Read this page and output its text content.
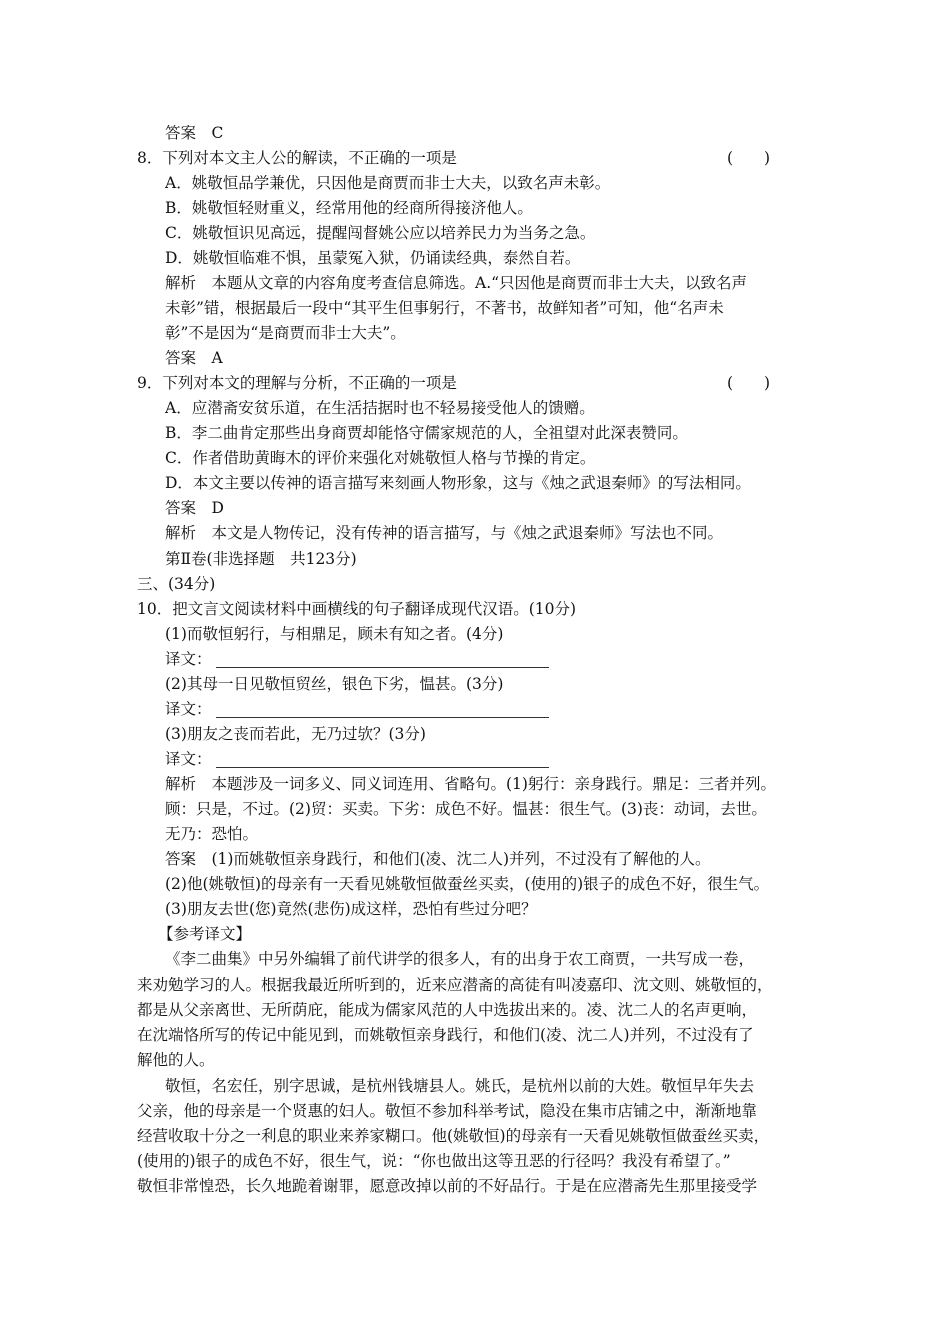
答案　C
8．下列对本文主人公的解读，不正确的一项是	(　　)
A．姚敬恒品学兼优，只因他是商贾而非士大夫，以致名声未彰。
B．姚敬恒轻财重义，经常用他的经商所得接济他人。
C．姚敬恒识见高远，提醒闯督姚公应以培养民力为当务之急。
D．姚敬恒临难不惧，虽蒙冤入狱，仍诵读经典，泰然自若。
解析　本题从文章的内容角度考查信息筛选。A.“只因他是商贾而非士大夫，以致名声
未彰”错，根据最后一段中“其平生但事躬行，不著书，故鲜知者”可知，他“名声未
彰”不是因为“是商贾而非士大夫”。
答案　A
9．下列对本文的理解与分析，不正确的一项是	(　　)
A．应潜斋安贫乐道，在生活拮据时也不轻易接受他人的馈赠。
B．李二曲肯定那些出身商贾却能恪守儒家规范的人，全祖望对此深表赞同。
C．作者借助黄晦木的评价来强化对姚敬恒人格与节操的肯定。
D．本文主要以传神的语言描写来刻画人物形象，这与《烛之武退秦师》的写法相同。
答案　D
解析　本文是人物传记，没有传神的语言描写，与《烛之武退秦师》写法也不同。
第Ⅱ卷(非选择题　共123分)
三、(34分)
10．把文言文阅读材料中画横线的句子翻译成现代汉语。(10分)
(1)而敬恒躬行，与相鼎足，顾未有知之者。(4分)
译文：
(2)其母一日见敬恒贸丝，银色下劣，愠甚。(3分)
译文：
(3)朋友之丧而若此，无乃过欤？(3分)
译文：
解析　本题涉及一词多义、同义词连用、省略句。(1)躬行：亲身践行。鼎足：三者并列。
顾：只是，不过。(2)贸：买卖。下劣：成色不好。愠甚：很生气。(3)丧：动词，去世。
无乃：恐怕。
答案　(1)而姚敬恒亲身践行，和他们(凌、沈二人)并列，不过没有了解他的人。
(2)他(姚敬恒)的母亲有一天看见姚敬恒做蚕丝买卖，(使用的)银子的成色不好，很生气。
(3)朋友去世(您)竟然(悲伤)成这样，恐怕有些过分吧？
【参考译文】
《李二曲集》中另外编辑了前代讲学的很多人，有的出身于农工商贾，一共写成一卷，
来劝勉学习的人。根据我最近所听到的，近来应潜斋的高徒有叫凌嘉印、沈文则、姚敬恒的，
都是从父亲离世、无所荫庇，能成为儒家风范的人中选拔出来的。凌、沈二人的名声更响，
在沈端恪所写的传记中能见到，而姚敬恒亲身践行，和他们(凌、沈二人)并列，不过没有了
解他的人。
敬恒，名宏任，别字思诚，是杭州钱塘县人。姚氏，是杭州以前的大姓。敬恒早年失去
父亲，他的母亲是一个贤惠的妇人。敬恒不参加科举考试，隐没在集市店铺之中，渐渐地靠
经营收取十分之一利息的职业来养家糊口。他(姚敬恒)的母亲有一天看见姚敬恒做蚕丝买卖，
(使用的)银子的成色不好，很生气，说：“你也做出这等丑恶的行径吗？我没有希望了。”
敬恒非常惶恐，长久地跪着谢罪，愿意改掉以前的不好品行。于是在应潜斋先生那里接受学
